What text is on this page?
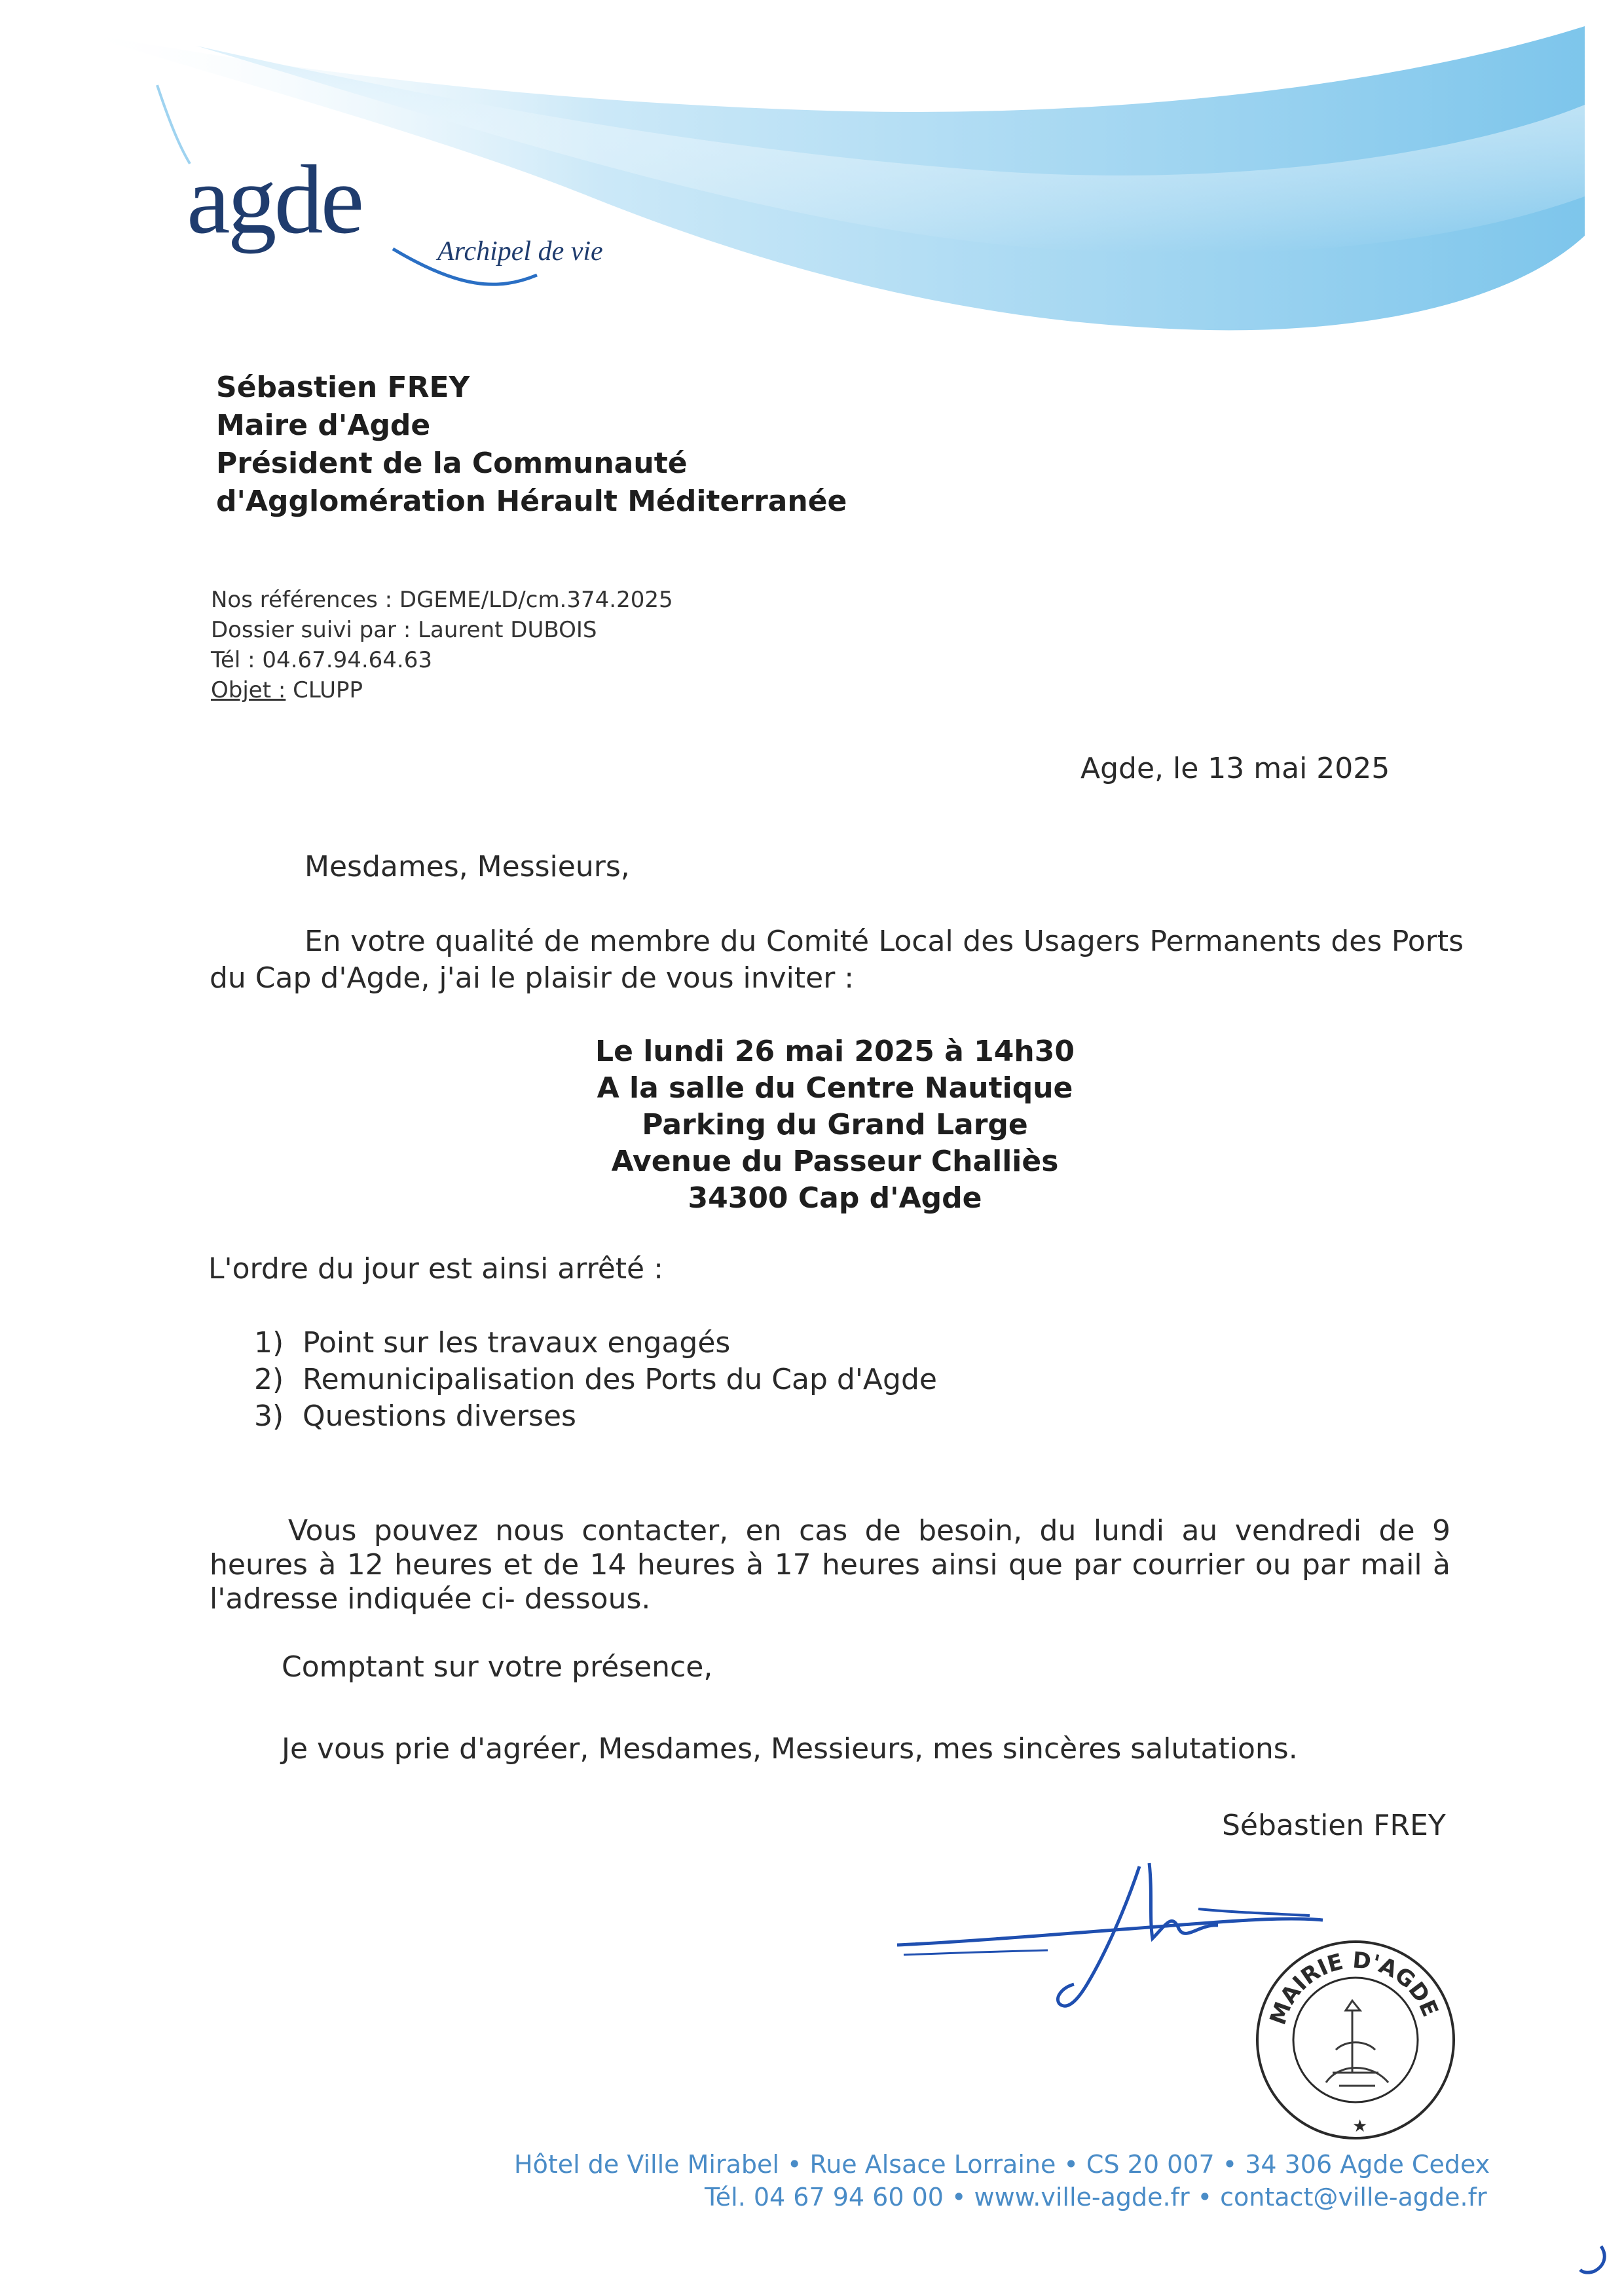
agde	Archipel de vie
Sébastien FREY
Maire d'Agde
Président de la Communauté
d'Agglomération Hérault Méditerranée
Nos références : DGEME/LD/cm.374.2025
Dossier suivi par : Laurent DUBOIS
Tél : 04.67.94.64.63
Objet : CLUPP
Agde, le 13 mai 2025
Mesdames, Messieurs,
En votre qualité de membre du Comité Local des Usagers Permanents des Ports du Cap d'Agde, j'ai le plaisir de vous inviter :
Le lundi 26 mai 2025 à 14h30
A la salle du Centre Nautique
Parking du Grand Large
Avenue du Passeur Challiès
34300 Cap d'Agde
L'ordre du jour est ainsi arrêté :
1) Point sur les travaux engagés
2) Remunicipalisation des Ports du Cap d'Agde
3) Questions diverses
Vous pouvez nous contacter, en cas de besoin, du lundi au vendredi de 9 heures à 12 heures et de 14 heures à 17 heures ainsi que par courrier ou par mail à l'adresse indiquée ci- dessous.
Comptant sur votre présence,
Je vous prie d'agréer, Mesdames, Messieurs, mes sincères salutations.
Sébastien FREY
MAIRIE D'AGDE
★
Hôtel de Ville Mirabel • Rue Alsace Lorraine • CS 20 007 • 34 306 Agde Cedex
Tél. 04 67 94 60 00 • www.ville-agde.fr • contact@ville-agde.fr
